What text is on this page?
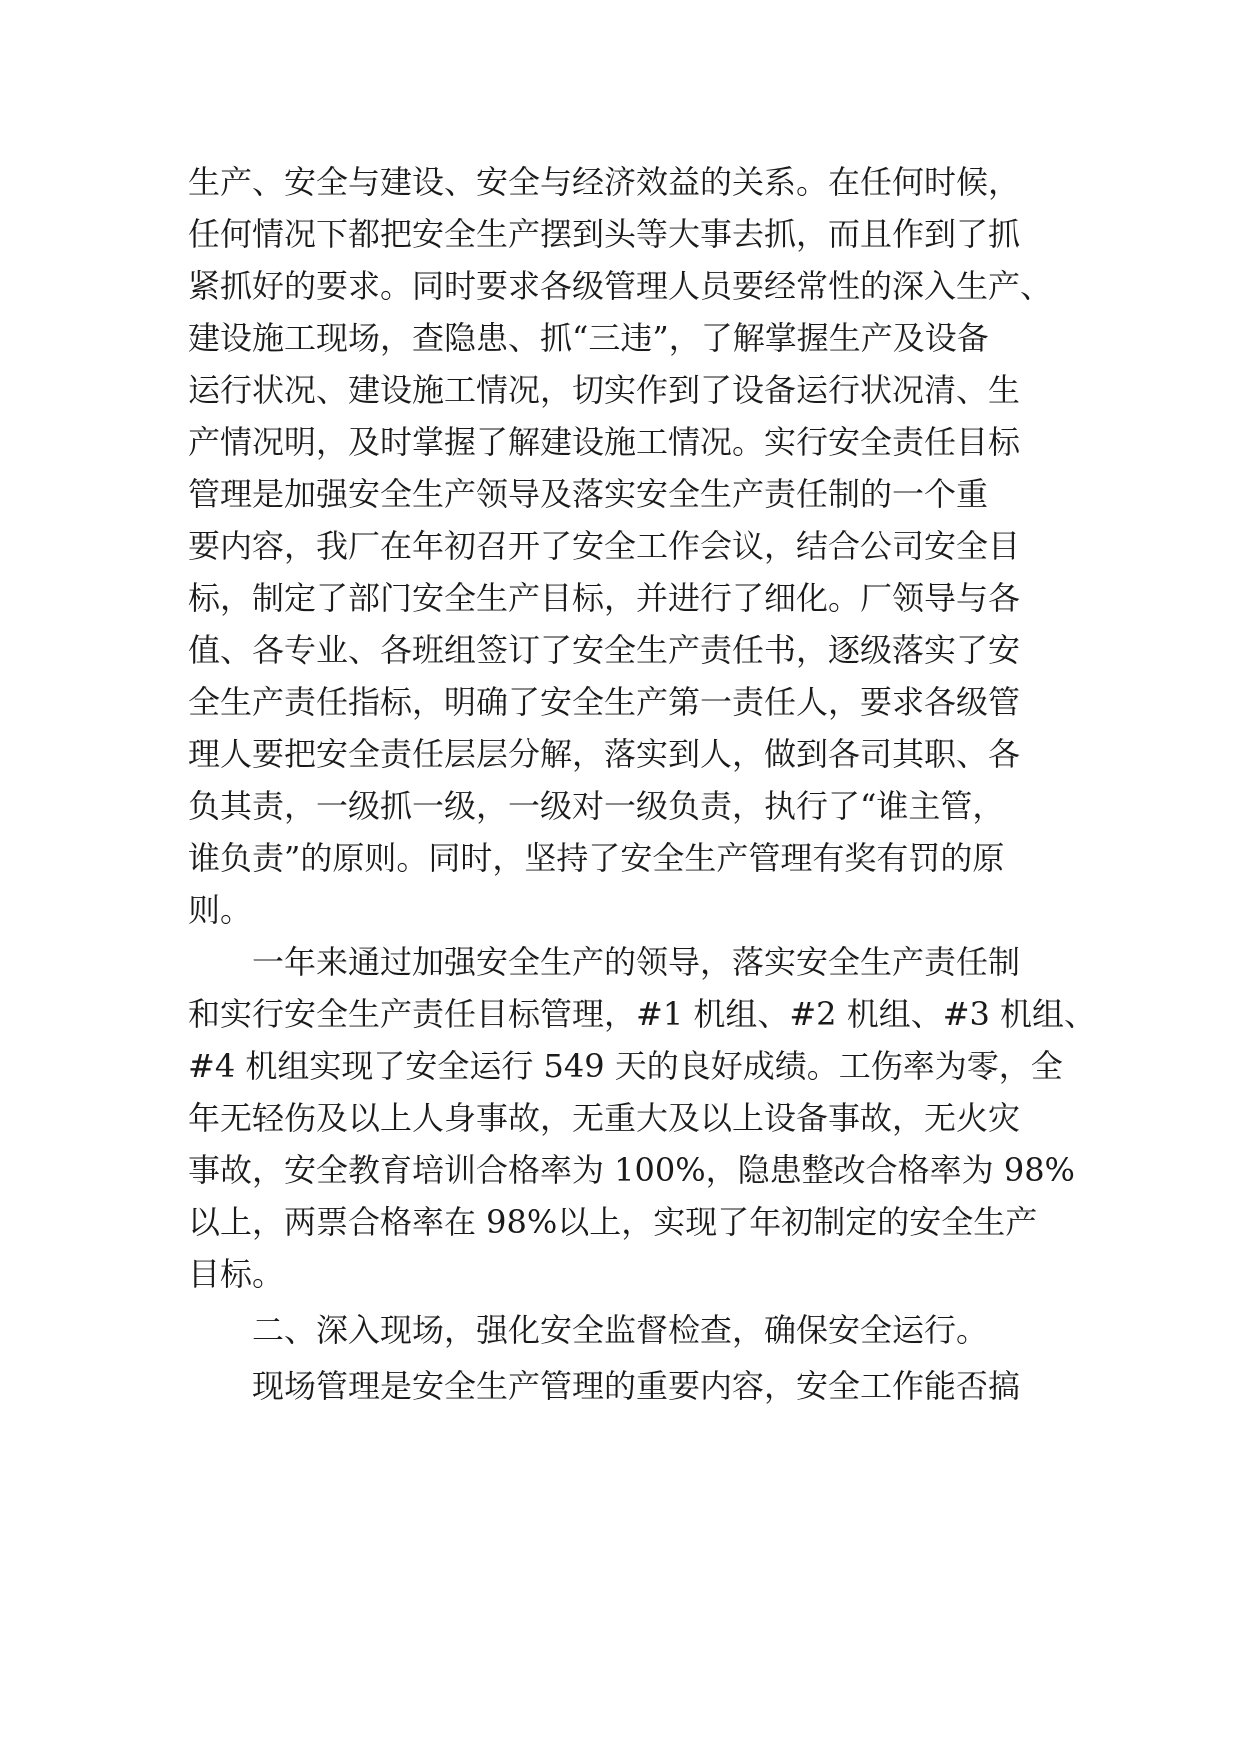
生产、安全与建设、安全与经济效益的关系。在任何时候，
任何情况下都把安全生产摆到头等大事去抓，而且作到了抓
紧抓好的要求。同时要求各级管理人员要经常性的深入生产、
建设施工现场，查隐患、抓“三违”，了解掌握生产及设备
运行状况、建设施工情况，切实作到了设备运行状况清、生
产情况明，及时掌握了解建设施工情况。实行安全责任目标
管理是加强安全生产领导及落实安全生产责任制的一个重
要内容，我厂在年初召开了安全工作会议，结合公司安全目
标，制定了部门安全生产目标，并进行了细化。厂领导与各
值、各专业、各班组签订了安全生产责任书，逐级落实了安
全生产责任指标，明确了安全生产第一责任人，要求各级管
理人要把安全责任层层分解，落实到人，做到各司其职、各
负其责，一级抓一级，一级对一级负责，执行了“谁主管，
谁负责”的原则。同时，坚持了安全生产管理有奖有罚的原
则。
一年来通过加强安全生产的领导，落实安全生产责任制
和实行安全生产责任目标管理，#1 机组、#2 机组、#3 机组、
#4 机组实现了安全运行 549 天的良好成绩。工伤率为零，全
年无轻伤及以上人身事故，无重大及以上设备事故，无火灾
事故，安全教育培训合格率为 100%，隐患整改合格率为 98%
以上，两票合格率在 98%以上，实现了年初制定的安全生产
目标。
二、深入现场，强化安全监督检查，确保安全运行。
现场管理是安全生产管理的重要内容，安全工作能否搞
